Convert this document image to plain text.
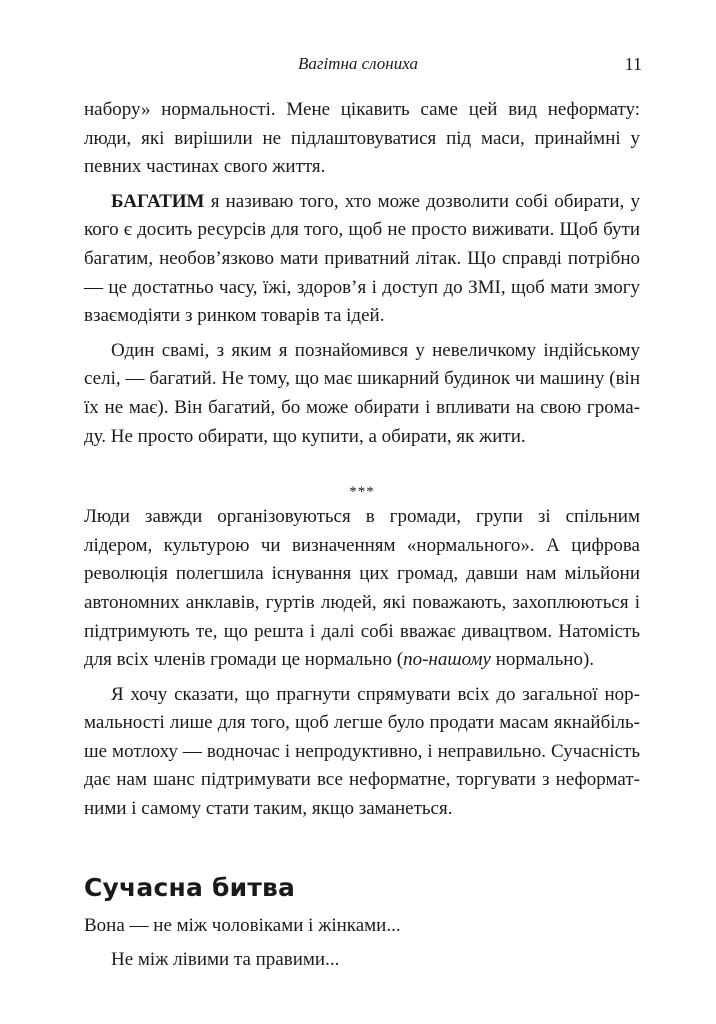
Вагітна слониха	11

набору» нормальності. Мене цікавить саме цей вид неформату: люди, які вирішили не підлаштовуватися під маси, принаймні у певних частинах свого життя.

БАГАТИМ я називаю того, хто може дозволити собі обирати, у кого є досить ресурсів для того, щоб не просто виживати. Щоб бути багатим, необов’язково мати приватний літак. Що справді потрібно — це достатньо часу, їжі, здоров’я і доступ до ЗМІ, щоб мати змогу взаємодіяти з ринком товарів та ідей.

Один свамі, з яким я познайомився у невеличкому індійському селі, — багатий. Не тому, що має шикарний будинок чи машину (він їх не має). Він багатий, бо може обирати і впливати на свою громаду. Не просто обирати, що купити, а обирати, як жити.

***

Люди завжди організовуються в громади, групи зі спільним лідером, культурою чи визначенням «нормального». А цифрова революція полегшила існування цих громад, давши нам мільйони автономних анклавів, гуртів людей, які поважають, захоплюються і підтримують те, що решта і далі собі вважає дивацтвом. Натомість для всіх членів громади це нормально (по-нашому нормально).

Я хочу сказати, що прагнути спрямувати всіх до загальної нормальності лише для того, щоб легше було продати масам якнайбільше мотлоху — водночас і непродуктивно, і неправильно. Сучасність дає нам шанс підтримувати все неформатне, торгувати з неформатними і самому стати таким, якщо заманеться.

Сучасна битва

Вона — не між чоловіками і жінками...

Не між лівими та правими...
